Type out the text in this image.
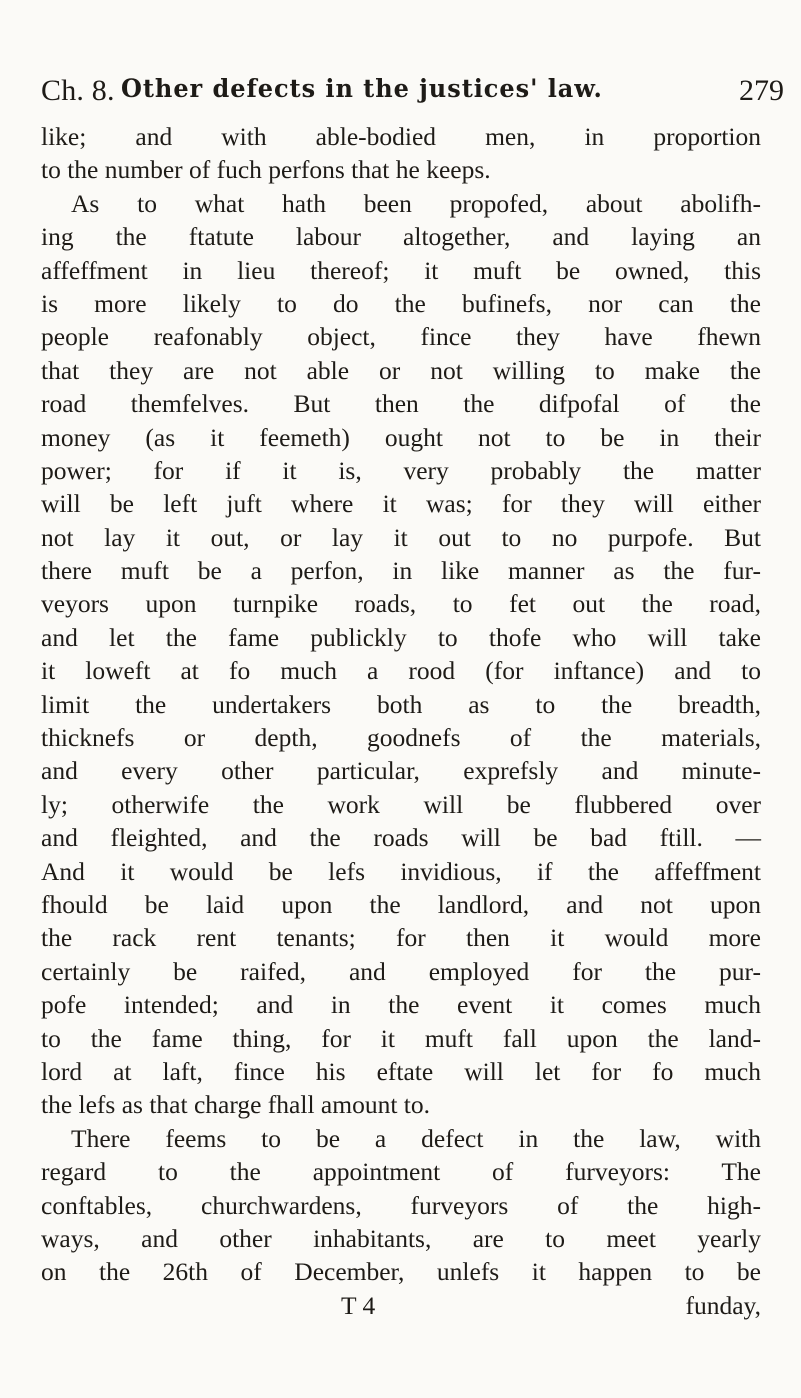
Ch. 8. Other defects in the justices' law.	279
like; and with able-bodied men, in proportion
to the number of fuch perfons that he keeps.
As to what hath been propofed, about abolifh-
ing the ftatute labour altogether, and laying an
affeffment in lieu thereof; it muft be owned, this
is more likely to do the bufinefs, nor can the
people reafonably object, fince they have fhewn
that they are not able or not willing to make the
road themfelves. But then the difpofal of the
money (as it feemeth) ought not to be in their
power; for if it is, very probably the matter
will be left juft where it was; for they will either
not lay it out, or lay it out to no purpofe. But
there muft be a perfon, in like manner as the fur-
veyors upon turnpike roads, to fet out the road,
and let the fame publickly to thofe who will take
it loweft at fo much a rood (for inftance) and to
limit the undertakers both as to the breadth,
thicknefs or depth, goodnefs of the materials,
and every other particular, exprefsly and minute-
ly; otherwife the work will be flubbered over
and fleighted, and the roads will be bad ftill. —
And it would be lefs invidious, if the affeffment
fhould be laid upon the landlord, and not upon
the rack rent tenants; for then it would more
certainly be raifed, and employed for the pur-
pofe intended; and in the event it comes much
to the fame thing, for it muft fall upon the land-
lord at laft, fince his eftate will let for fo much
the lefs as that charge fhall amount to.
There feems to be a defect in the law, with
regard to the appointment of furveyors: The
conftables, churchwardens, furveyors of the high-
ways, and other inhabitants, are to meet yearly
on the 26th of December, unlefs it happen to be
T 4	funday,
